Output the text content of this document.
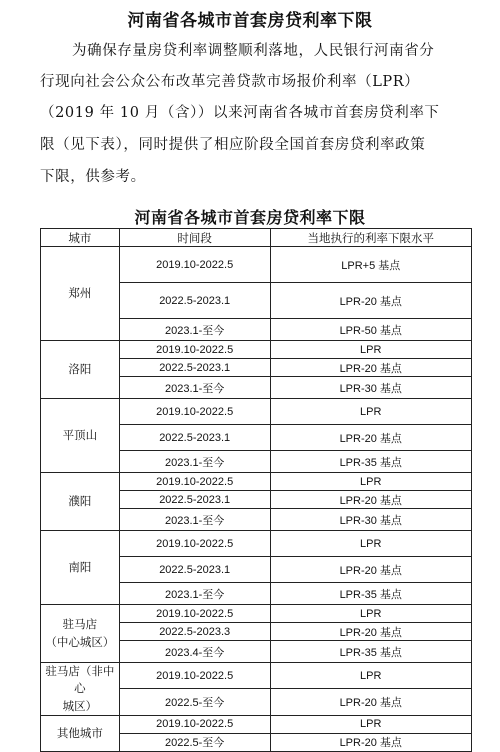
河南省各城市首套房贷利率下限
为确保存量房贷利率调整顺利落地，人民银行河南省分
行现向社会公众公布改革完善贷款市场报价利率（LPR）
（2019 年 10 月（含））以来河南省各城市首套房贷利率下
限（见下表），同时提供了相应阶段全国首套房贷利率政策
下限，供参考。
河南省各城市首套房贷利率下限
城市	时间段	当地执行的利率下限水平
郑州	2019.10-2022.5	LPR+5 基点
	2022.5-2023.1	LPR-20 基点
	2023.1-至今	LPR-50 基点
洛阳	2019.10-2022.5	LPR
	2022.5-2023.1	LPR-20 基点
	2023.1-至今	LPR-30 基点
平顶山	2019.10-2022.5	LPR
	2022.5-2023.1	LPR-20 基点
	2023.1-至今	LPR-35 基点
濮阳	2019.10-2022.5	LPR
	2022.5-2023.1	LPR-20 基点
	2023.1-至今	LPR-30 基点
南阳	2019.10-2022.5	LPR
	2022.5-2023.1	LPR-20 基点
	2023.1-至今	LPR-35 基点

驻马店
（中心城区）	2019.10-2022.5	LPR
	2022.5-2023.3	LPR-20 基点
	2023.4-至今	LPR-35 基点

驻马店（非中心
城区）	2019.10-2022.5	LPR
	2022.5-至今	LPR-20 基点
其他城市	2019.10-2022.5	LPR
	2022.5-至今	LPR-20 基点
